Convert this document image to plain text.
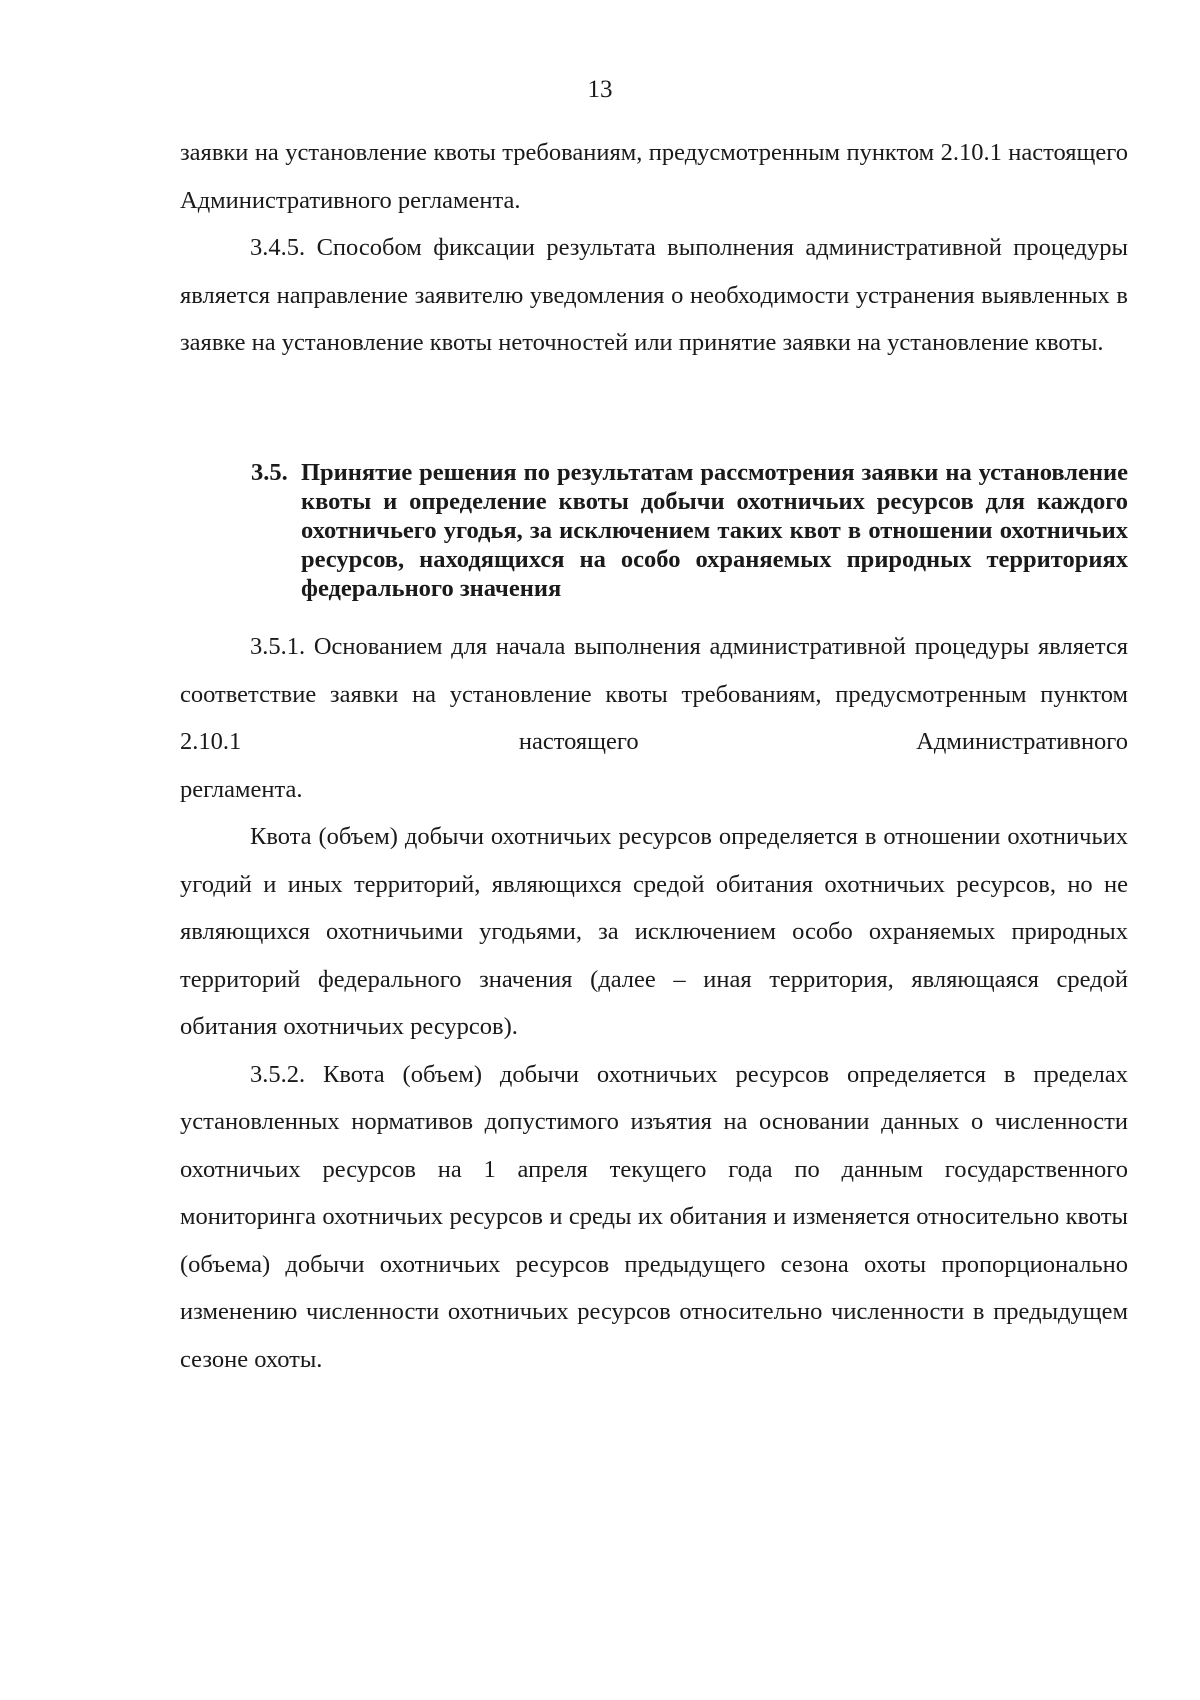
13

заявки на установление квоты требованиям, предусмотренным пунктом 2.10.1 настоящего Административного регламента.

3.4.5. Способом фиксации результата выполнения административной процедуры является направление заявителю уведомления о необходимости устранения выявленных в заявке на установление квоты неточностей или принятие заявки на установление квоты.

3.5. Принятие решения по результатам рассмотрения заявки на установление квоты и определение квоты добычи охотничьих ресурсов для каждого охотничьего угодья, за исключением таких квот в отношении охотничьих ресурсов, находящихся на особо охраняемых природных территориях федерального значения

3.5.1. Основанием для начала выполнения административной процедуры является соответствие заявки на установление квоты требованиям, предусмотренным пунктом 2.10.1 настоящего Административного

регламента.

Квота (объем) добычи охотничьих ресурсов определяется в отношении охотничьих угодий и иных территорий, являющихся средой обитания охотничьих ресурсов, но не являющихся охотничьими угодьями, за исключением особо охраняемых природных территорий федерального значения (далее – иная территория, являющаяся средой обитания охотничьих ресурсов).

3.5.2. Квота (объем) добычи охотничьих ресурсов определяется в пределах установленных нормативов допустимого изъятия на основании данных о численности охотничьих ресурсов на 1 апреля текущего года по данным государственного мониторинга охотничьих ресурсов и среды их обитания и изменяется относительно квоты (объема) добычи охотничьих ресурсов предыдущего сезона охоты пропорционально изменению численности охотничьих ресурсов относительно численности в предыдущем сезоне охоты.
